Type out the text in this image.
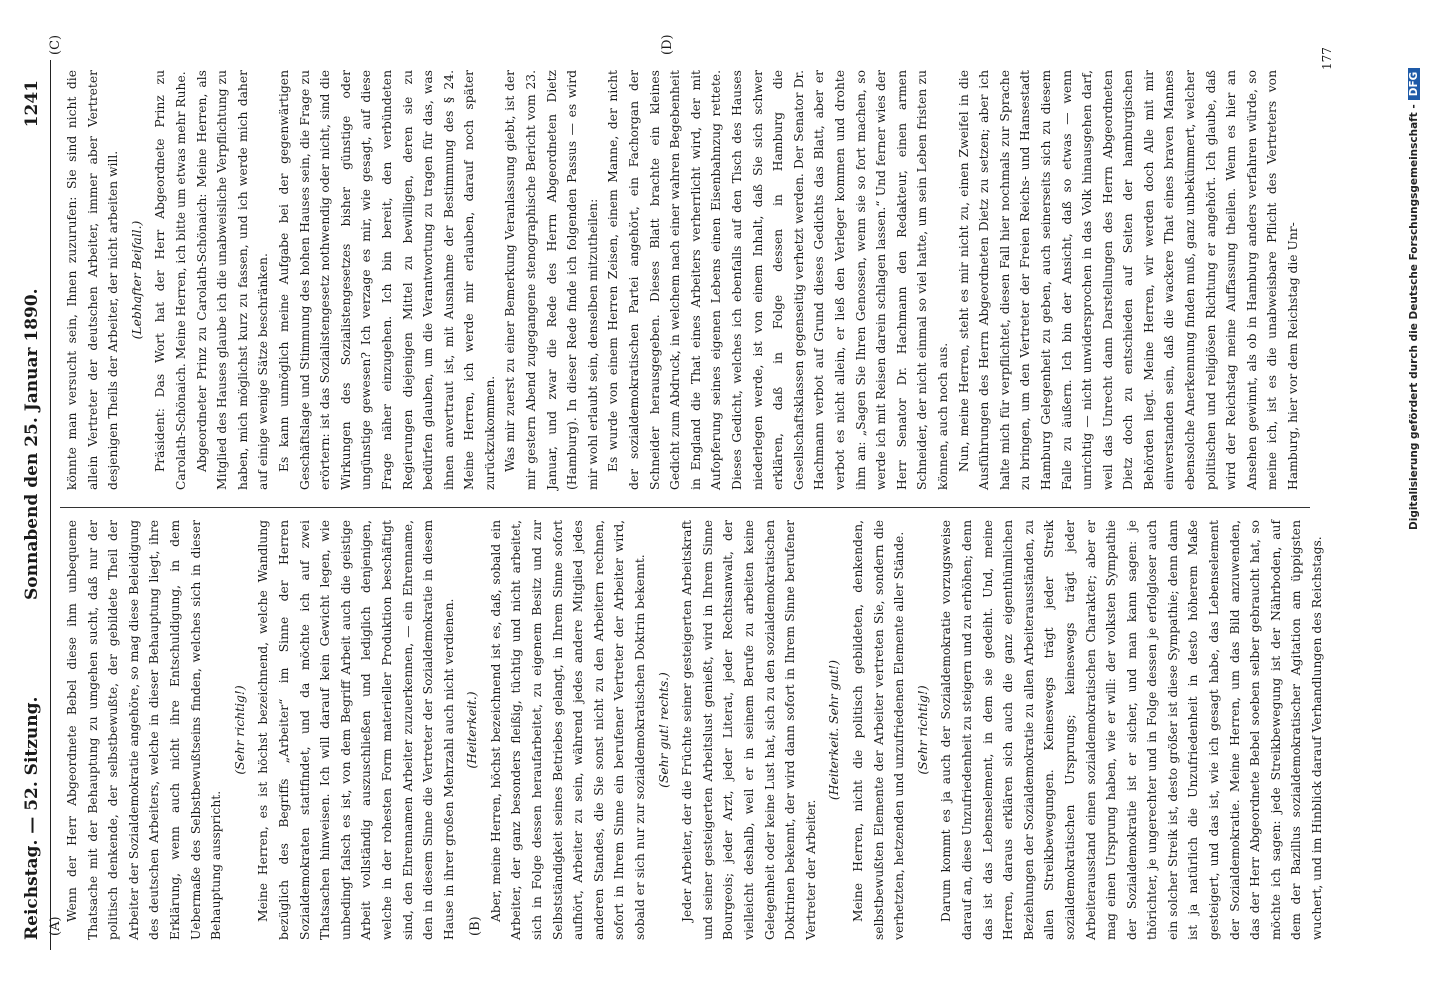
Reichstag. — 52. Sitzung.
Sonnabend den 25. Januar 1890.
1241
(A)	(B)
(C)	(D)

Wenn der Herr Abgeordnete Bebel diese ihm unbequeme Thatsache mit der Behauptung zu umgehen sucht, daß nur der politisch denkende, der selbstbewußte, der gebildete Theil der Arbeiter der Sozialdemokratie angehöre, so mag diese Beleidigung des deutschen Arbeiters, welche in dieser Behauptung liegt, ihre Erklärung, wenn auch nicht ihre Entschuldigung, in dem Uebermaße des Selbstbewußtseins finden, welches sich in dieser Behauptung ausspricht.

(Sehr richtig!) Meine Herren, es ist höchst bezeichnend, welche Wandlung bezüglich des Begriffs „Arbeiter“ im Sinne der Herren Sozialdemokraten stattfindet, und da möchte ich auf zwei Thatsachen hinweisen. Ich will darauf kein Gewicht legen, wie unbedingt falsch es ist, von dem Begriff Arbeit auch die geistige Arbeit vollständig auszuschließen und lediglich denjenigen, welche in der rohesten Form materieller Produktion beschäftigt sind, den Ehrennamen Arbeiter zuzuerkennen, — ein Ehrenname, den in diesem Sinne die Vertreter der Sozialdemokratie in diesem Hause in ihrer großen Mehrzahl auch nicht verdienen. (Heiterkeit.) Aber, meine Herren, höchst bezeichnend ist es, daß, sobald ein Arbeiter, der ganz besonders fleißig, tüchtig und nicht arbeitet, sich in Folge dessen heraufarbeitet, zu eigenem Besitz und zur Selbstständigkeit seines Betriebes gelangt, in Ihrem Sinne sofort aufhört, Arbeiter zu sein, während jedes andere Mitglied jedes anderen Standes, die Sie sonst nicht zu den Arbeitern rechnen, sofort in Ihrem Sinne ein berufener Vertreter der Arbeiter wird, sobald er sich nur zur sozialdemokratischen Doktrin bekennt. (Sehr gut! rechts.) Jeder Arbeiter, der die Früchte seiner gesteigerten Arbeitskraft und seiner gesteigerten Arbeitslust genießt, wird in Ihrem Sinne Bourgeois; jeder Arzt, jeder Literat, jeder Rechtsanwalt, der vielleicht deshalb, weil er in seinem Berufe zu arbeiten keine Gelegenheit oder keine Lust hat, sich zu den sozialdemokratischen Doktrinen bekennt, der wird dann sofort in Ihrem Sinne berufener Vertreter der Arbeiter.

(Heiterkeit. Sehr gut!) Meine Herren, nicht die politisch gebildeten, denkenden, selbstbewußten Elemente der Arbeiter vertreten Sie, sondern die verhetzten, hetzenden und unzufriedenen Elemente aller Stände. (Sehr richtig!) Darum kommt es ja auch der Sozialdemokratie vorzugsweise darauf an, diese Unzufriedenheit zu steigern und zu erhöhen; denn das ist das Lebenselement, in dem sie gedeiht. Und, meine Herren, daraus erklären sich auch die ganz eigenthümlichen Beziehungen der Sozialdemokratie zu allen Arbeiterausständen, zu allen Streikbewegungen. Keineswegs trägt jeder Streik sozialdemokratischen Ursprungs; keineswegs trägt jeder Arbeiterausstand einen sozialdemokratischen Charakter; aber er mag einen Ursprung haben, wie er will: der volksten Sympathie der Sozialdemokratie ist er sicher, und man kann sagen: je thörichter, je ungerechter und in Folge dessen je erfolgloser auch ein solcher Streik ist, desto größer ist diese Sympathie; denn dann ist ja natürlich die Unzufriedenheit in desto höherem Maße gesteigert, und das ist, wie ich gesagt habe, das Lebenselement der Sozialdemokratie. Meine Herren, um das Bild anzuwenden, das der Herr Abgeordnete Bebel soeben selber gebraucht hat, so möchte ich sagen: jede Streikbewegung ist der Nährboden, auf dem der Bazillus sozialdemokratischer Agitation am üppigsten wuchert, und im Hinblick darauf Verhandlungen des Reichstags.

könnte man versucht sein, Ihnen zuzurufen: Sie sind nicht die allein Vertreter der deutschen Arbeiter, immer aber Vertreter desjenigen Theils der Arbeiter, der nicht arbeiten will. (Lebhafter Beifall.) Präsident: Das Wort hat der Herr Abgeordnete Prinz zu Carolath-Schönaich. Meine Herren, ich bitte um etwas mehr Ruhe. Abgeordneter Prinz zu Carolath-Schönaich: Meine Herren, als Mitglied des Hauses glaube ich die unabweisliche Verpflichtung zu haben, mich möglichst kurz zu fassen, und ich werde mich daher auf einige wenige Sätze beschränken. Es kann unmöglich meine Aufgabe bei der gegenwärtigen Geschäftslage und Stimmung des hohen Hauses sein, die Frage zu erörtern: ist das Sozialistengesetz nothwendig oder nicht, sind die Wirkungen des Sozialistengesetzes bisher günstige oder ungünstige gewesen? Ich verzage es mir, wie gesagt, auf diese Frage näher einzugehen. Ich bin bereit, den verbündeten Regierungen diejenigen Mittel zu bewilligen, deren sie zu bedürfen glauben, um die Verantwortung zu tragen für das, was ihnen anvertraut ist, mit Ausnahme der Bestimmung des § 24. Meine Herren, ich werde mir erlauben, darauf noch später zurückzukommen. Was mir zuerst zu einer Bemerkung Veranlassung giebt, ist der mir gestern Abend zugegangene stenographische Bericht vom 23. Januar, und zwar die Rede des Herrn Abgeordneten Dietz (Hamburg). In dieser Rede finde ich folgenden Passus — es wird mir wohl erlaubt sein, denselben mitzutheilen: Es wurde von einem Herren Zeisen, einem Manne, der nicht der sozialdemokratischen Partei angehört, ein Fachorgan der Schneider herausgegeben. Dieses Blatt brachte ein kleines Gedicht zum Abdruck, in welchem nach einer wahren Begebenheit in England die That eines Arbeiters verherrlicht wird, der mit Aufopferung seines eigenen Lebens einen Eisenbahnzug rettete. Dieses Gedicht, welches ich ebenfalls auf den Tisch des Hauses niederlegen werde, ist von einem Inhalt, daß Sie sich schwer erklären, daß in Folge dessen in Hamburg die Gesellschaftsklassen gegenseitig verhetzt werden. Der Senator Dr. Hachmann verbot auf Grund dieses Gedichts das Blatt, aber er verbot es nicht allein, er ließ den Verleger kommen und drohte ihm an: „Sagen Sie Ihren Genossen, wenn sie so fort machen, so werde ich mit Reisen darein schlagen lassen.“ Und ferner wies der Herr Senator Dr. Hachmann den Redakteur, einen armen Schneider, der nicht einmal so viel hatte, um sein Leben fristen zu können, auch noch aus. Nun, meine Herren, steht es mir nicht zu, einen Zweifel in die Ausführungen des Herrn Abgeordneten Dietz zu setzen; aber ich halte mich für verpflichtet, diesen Fall hier nochmals zur Sprache zu bringen, um den Vertreter der Freien Reichs- und Hansestadt Hamburg Gelegenheit zu geben, auch seinerseits sich zu diesem Falle zu äußern. Ich bin der Ansicht, daß so etwas — wenn unrichtig — nicht unwidersprochen in das Volk hinausgehen darf, weil das Unrecht dann Darstellungen des Herrn Abgeordneten Dietz doch zu entschieden auf Seiten der hamburgischen Behörden liegt. Meine Herren, wir werden doch Alle mit mir einverstanden sein, daß die wackere That eines braven Mannes ebensolche Anerkennung finden muß, ganz unbekümmert, welcher politischen und religiösen Richtung er angehört. Ich glaube, daß wird der Reichstag meine Auffassung theilen. Wenn es hier an Ansehen gewinnt, als ob in Hamburg anders verfahren würde, so meine ich, ist es die unabweisbare Pflicht des Vertreters von Hamburg, hier vor dem Reichstag die Unr-

177
Digitalisierung gefördert durch die Deutsche Forschungsgemeinschaft -DFG
